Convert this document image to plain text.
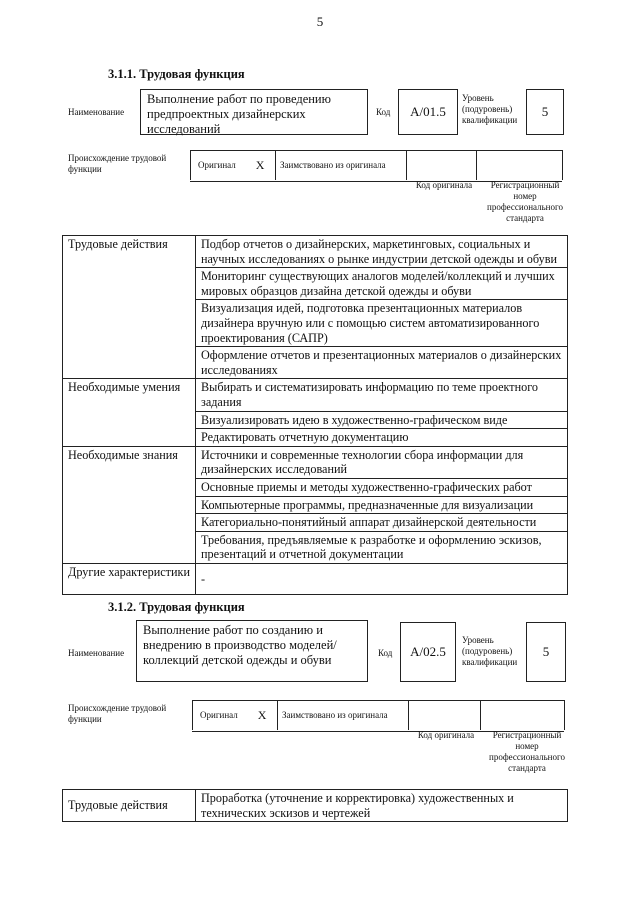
5
3.1.1. Трудовая функция
Наименование
Выполнение работ по проведению предпроектных дизайнерских исследований
Код	А/01.5
Уровень (подуровень) квалификации
5
Происхождение трудовой функции	Оригинал X Заимствовано из оригинала
Код оригинала	Регистрационный номер профессионального стандарта
Трудовые действия	Подбор отчетов о дизайнерских, маркетинговых, социальных и научных исследованиях о рынке индустрии детской одежды и обуви
	Мониторинг существующих аналогов моделей/коллекций и лучших мировых образцов дизайна детской одежды и обуви
	Визуализация идей, подготовка презентационных материалов дизайнера вручную или с помощью систем автоматизированного проектирования (САПР)
	Оформление отчетов и презентационных материалов о дизайнерских исследованиях
Необходимые умения	Выбирать и систематизировать информацию по теме проектного задания
	Визуализировать идею в художественно-графическом виде
	Редактировать отчетную документацию
Необходимые знания	Источники и современные технологии сбора информации для дизайнерских исследований
	Основные приемы и методы художественно-графических работ
	Компьютерные программы, предназначенные для визуализации
	Категориально-понятийный аппарат дизайнерской деятельности
	Требования, предъявляемые к разработке и оформлению эскизов, презентаций и отчетной документации
Другие характеристики	-
3.1.2. Трудовая функция
Наименование
Выполнение работ по созданию и внедрению в производство моделей/коллекций детской одежды и обуви	Код	А/02.5
Уровень (подуровень) квалификации
5
Происхождение трудовой функции	Оригинал X Заимствовано из оригинала
Код оригинала	Регистрационный номер профессионального стандарта
Трудовые действия	Проработка (уточнение и корректировка) художественных и технических эскизов и чертежей
